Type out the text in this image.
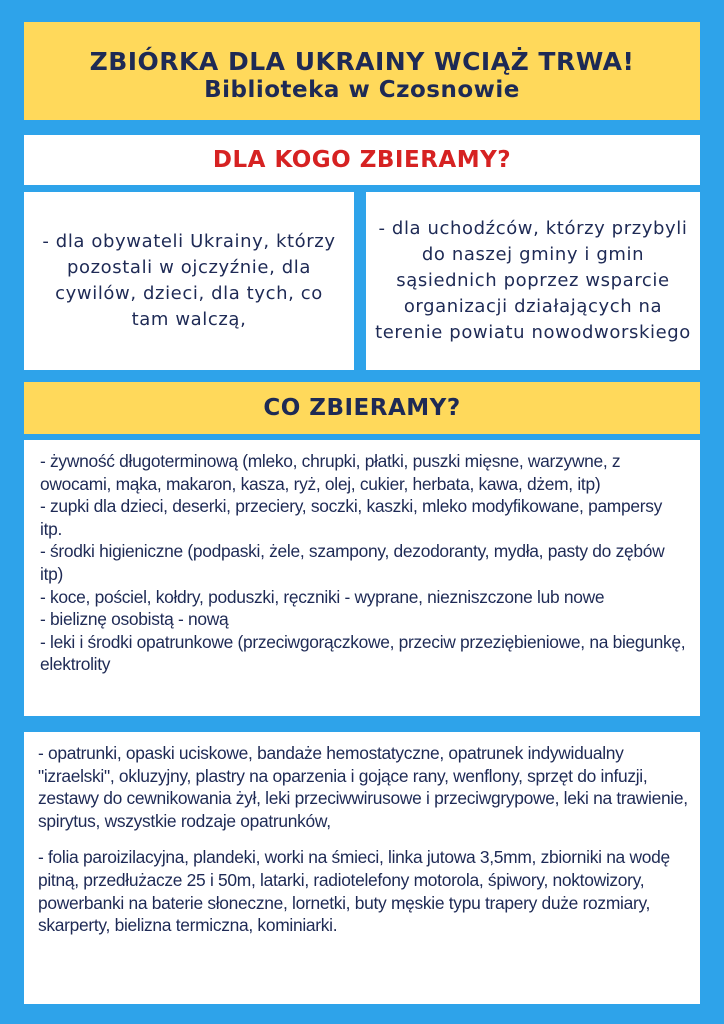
ZBIÓRKA DLA UKRAINY WCIĄŻ TRWA!
Biblioteka w Czosnowie
DLA KOGO ZBIERAMY?
- dla obywateli Ukrainy, którzy pozostali w ojczyźnie, dla cywilów, dzieci, dla tych, co tam walczą,
- dla uchodźców, którzy przybyli do naszej gminy i gmin sąsiednich poprzez wsparcie organizacji działających na terenie powiatu nowodworskiego
CO ZBIERAMY?
- żywność długoterminową (mleko, chrupki, płatki, puszki mięsne, warzywne, z owocami, mąka, makaron, kasza, ryż, olej, cukier, herbata, kawa, dżem, itp)
- zupki dla dzieci, deserki, przeciery, soczki, kaszki, mleko modyfikowane, pampersy itp.
- środki higieniczne (podpaski, żele, szampony, dezodoranty, mydła, pasty do zębów itp)
- koce, pościel, kołdry, poduszki, ręczniki - wyprane, niezniszczone lub nowe
- bieliznę osobistą - nową
- leki i środki opatrunkowe (przeciwgorączkowe, przeciw przeziębieniowe, na biegunkę, elektrolity
- opatrunki, opaski uciskowe, bandaże hemostatyczne, opatrunek indywidualny "izraelski", okluzyjny, plastry na oparzenia i gojące rany, wenflony, sprzęt do infuzji, zestawy do cewnikowania żył, leki przeciwwirusowe i przeciwgrypowe, leki na trawienie, spirytus, wszystkie rodzaje opatrunków,
- folia paroizilacyjna, plandeki, worki na śmieci, linka jutowa 3,5mm, zbiorniki na wodę pitną, przedłużacze 25 i 50m, latarki, radiotelefony motorola, śpiwory, noktowizory, powerbanki na baterie słoneczne, lornetki, buty męskie typu trapery duże rozmiary, skarperty, bielizna termiczna, kominiarki.
